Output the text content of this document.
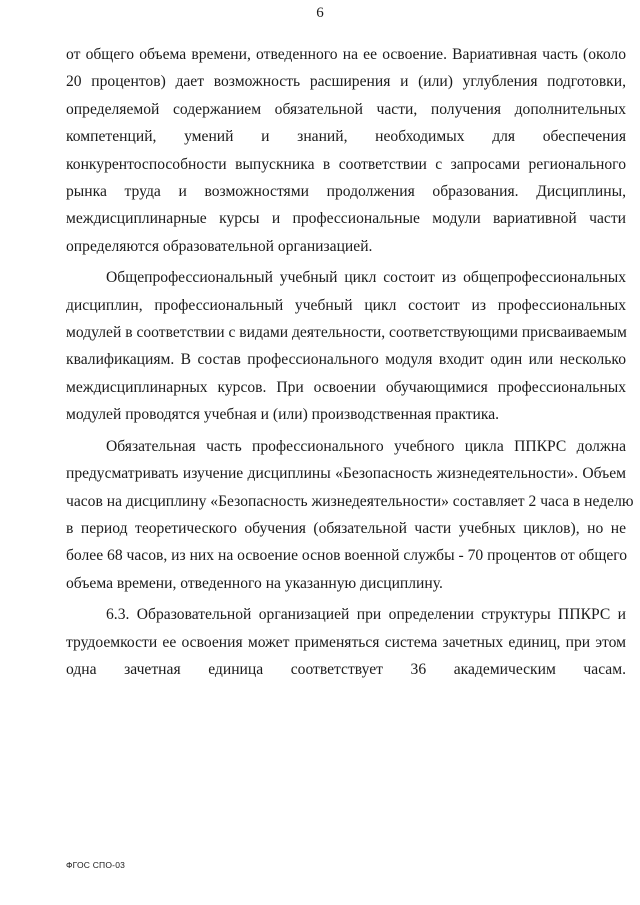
6
от общего объема времени, отведенного на ее освоение. Вариативная часть (около
20 процентов) дает возможность расширения и (или) углубления подготовки,
определяемой содержанием обязательной части, получения дополнительных
компетенций, умений и знаний, необходимых для обеспечения
конкурентоспособности выпускника в соответствии с запросами регионального
рынка труда и возможностями продолжения образования. Дисциплины,
междисциплинарные курсы и профессиональные модули вариативной части
определяются образовательной организацией.
Общепрофессиональный учебный цикл состоит из общепрофессиональных
дисциплин, профессиональный учебный цикл состоит из профессиональных
модулей в соответствии с видами деятельности, соответствующими присваиваемым
квалификациям. В состав профессионального модуля входит один или несколько
междисциплинарных курсов. При освоении обучающимися профессиональных
модулей проводятся учебная и (или) производственная практика.
Обязательная часть профессионального учебного цикла ППКРС должна
предусматривать изучение дисциплины «Безопасность жизнедеятельности». Объем
часов на дисциплину «Безопасность жизнедеятельности» составляет 2 часа в неделю
в период теоретического обучения (обязательной части учебных циклов), но не
более 68 часов, из них на освоение основ военной службы - 70 процентов от общего
объема времени, отведенного на указанную дисциплину.
6.3. Образовательной организацией при определении структуры ППКРС и
трудоемкости ее освоения может применяться система зачетных единиц, при этом
одна зачетная единица соответствует 36 академическим часам.
ФГОС СПО-03
